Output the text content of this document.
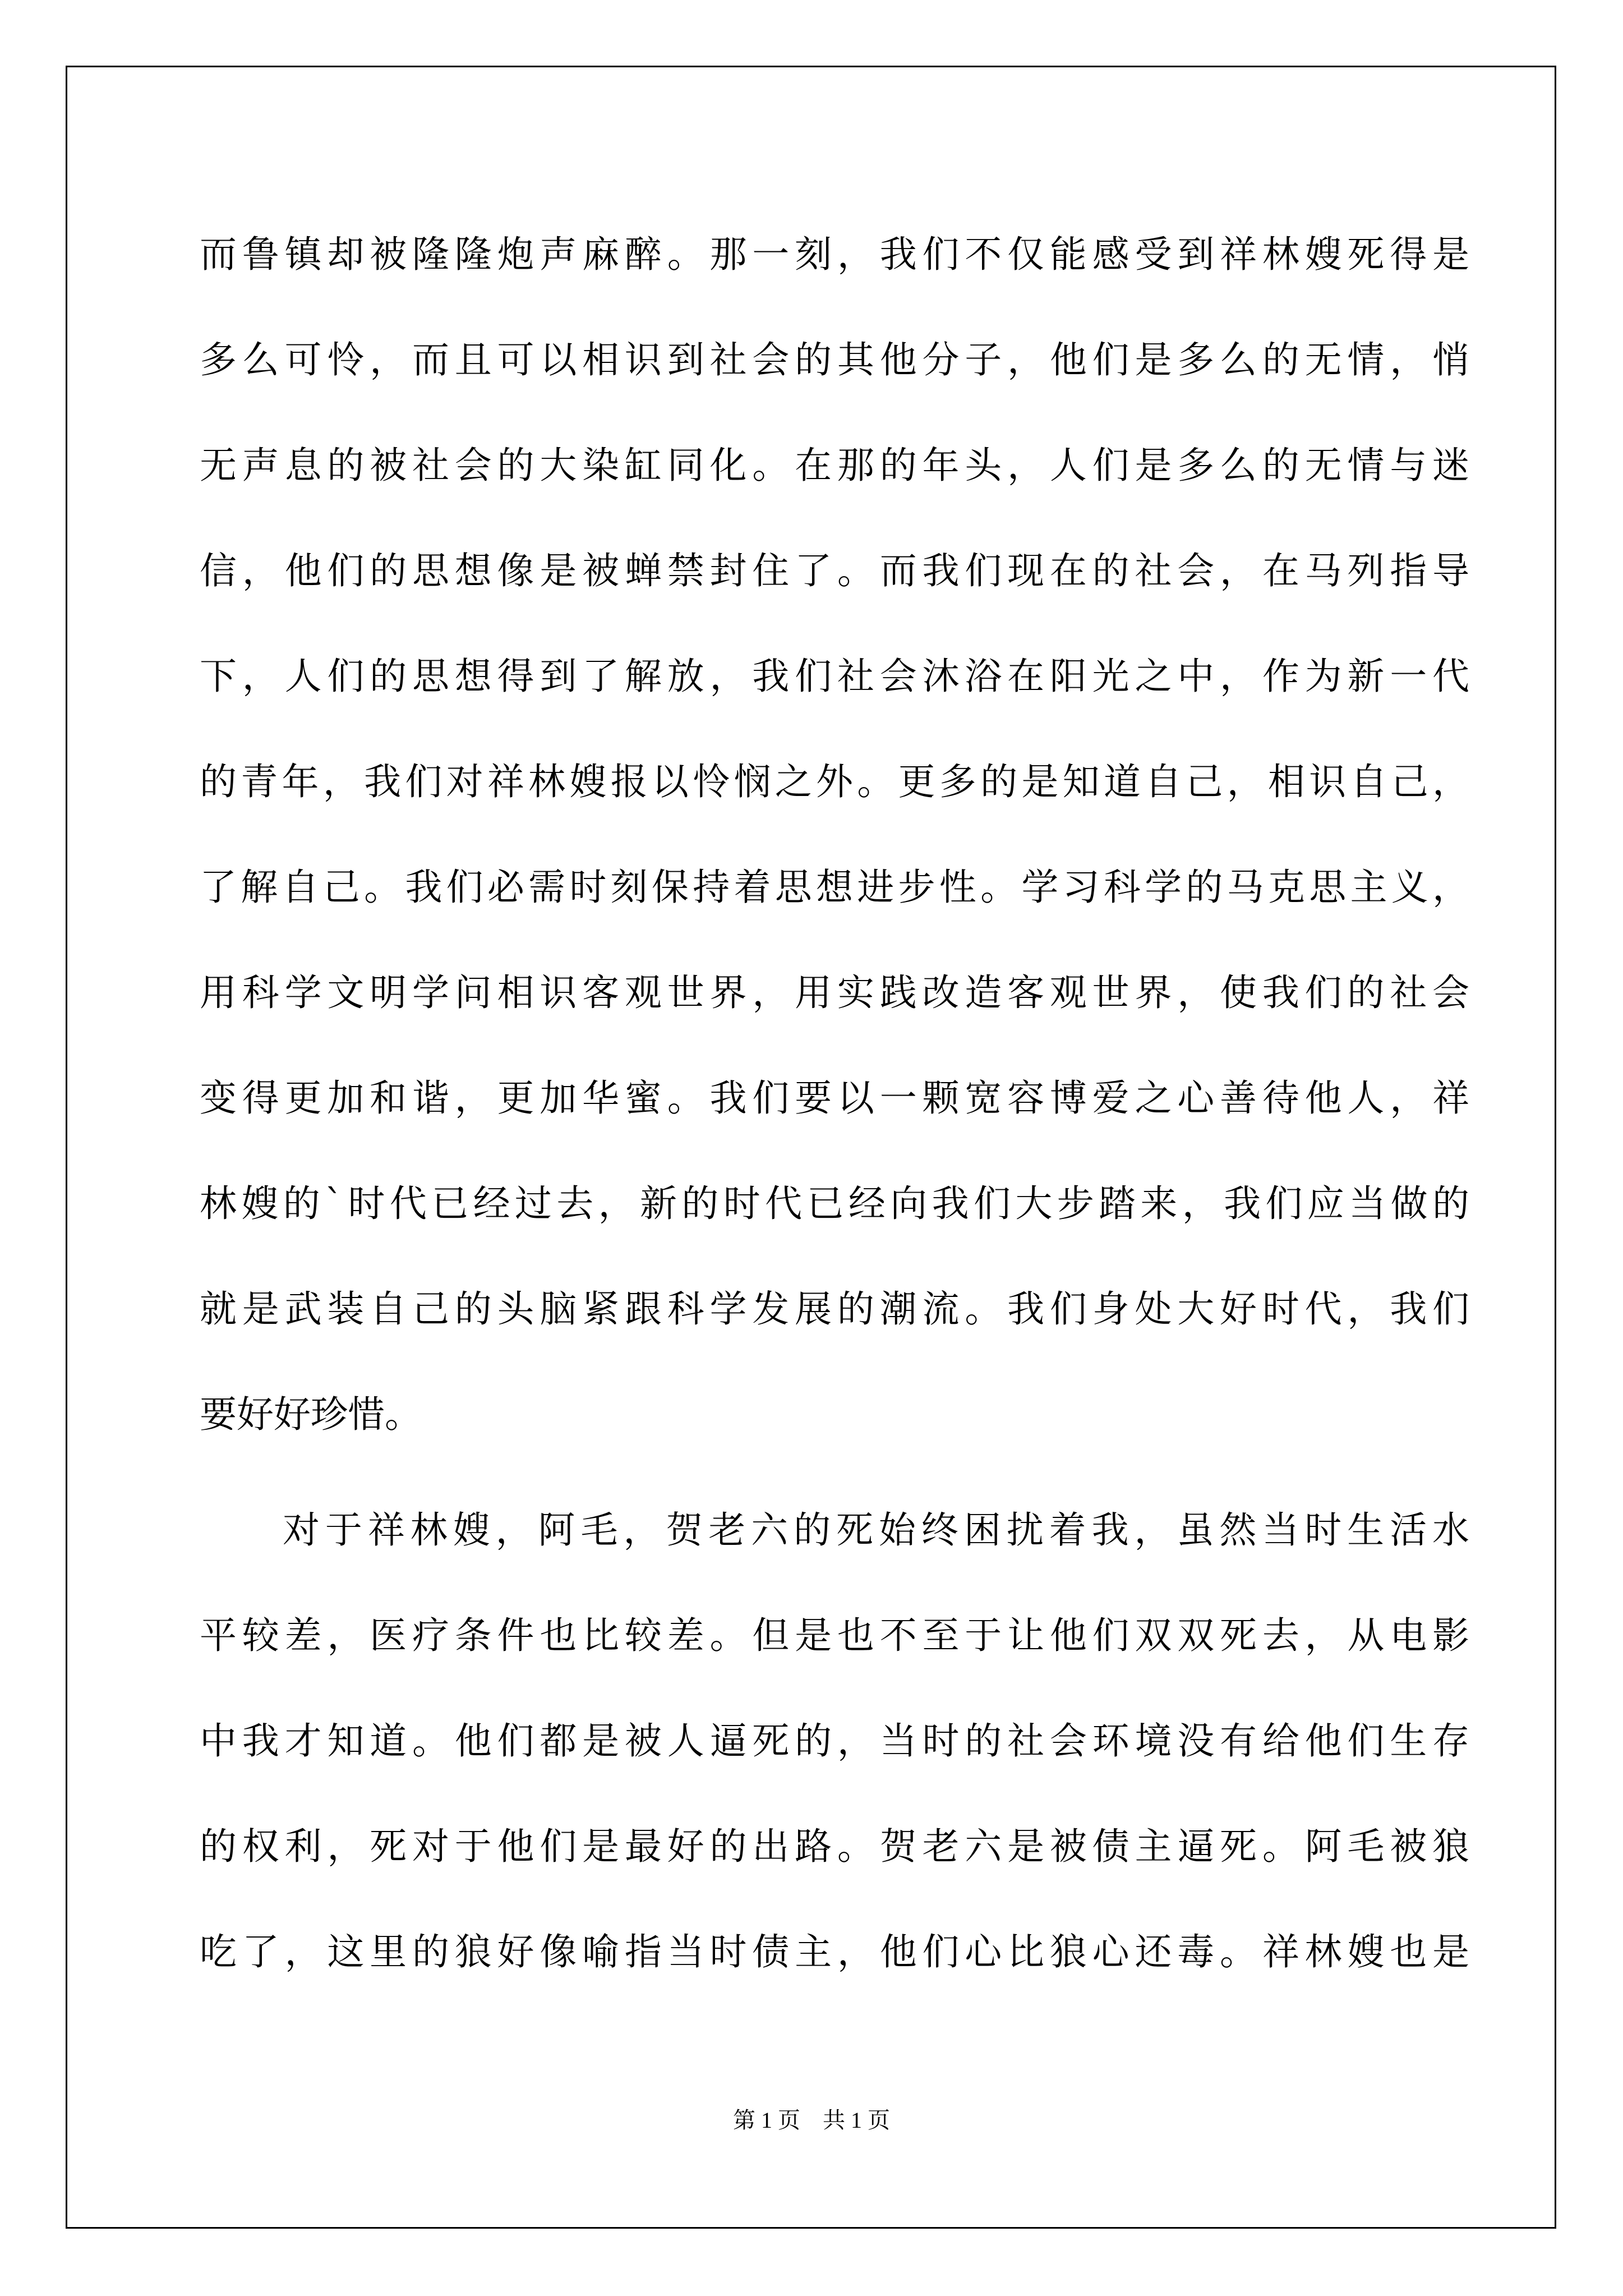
而鲁镇却被隆隆炮声麻醉。那一刻，我们不仅能感受到祥林嫂死得是

多么可怜，而且可以相识到社会的其他分子，他们是多么的无情，悄

无声息的被社会的大染缸同化。在那的年头，人们是多么的无情与迷

信，他们的思想像是被蝉禁封住了。而我们现在的社会，在马列指导

下，人们的思想得到了解放，我们社会沐浴在阳光之中，作为新一代

的青年，我们对祥林嫂报以怜悯之外。更多的是知道自己，相识自己，

了解自己。我们必需时刻保持着思想进步性。学习科学的马克思主义，

用科学文明学问相识客观世界，用实践改造客观世界，使我们的社会

变得更加和谐，更加华蜜。我们要以一颗宽容博爱之心善待他人，祥

林嫂的`时代已经过去，新的时代已经向我们大步踏来，我们应当做的

就是武装自己的头脑紧跟科学发展的潮流。我们身处大好时代，我们

要好好珍惜。

对于祥林嫂，阿毛，贺老六的死始终困扰着我，虽然当时生活水

平较差，医疗条件也比较差。但是也不至于让他们双双死去，从电影

中我才知道。他们都是被人逼死的，当时的社会环境没有给他们生存

的权利，死对于他们是最好的出路。贺老六是被债主逼死。阿毛被狼

吃了，这里的狼好像喻指当时债主，他们心比狼心还毒。祥林嫂也是

第 1 页    共 1 页
